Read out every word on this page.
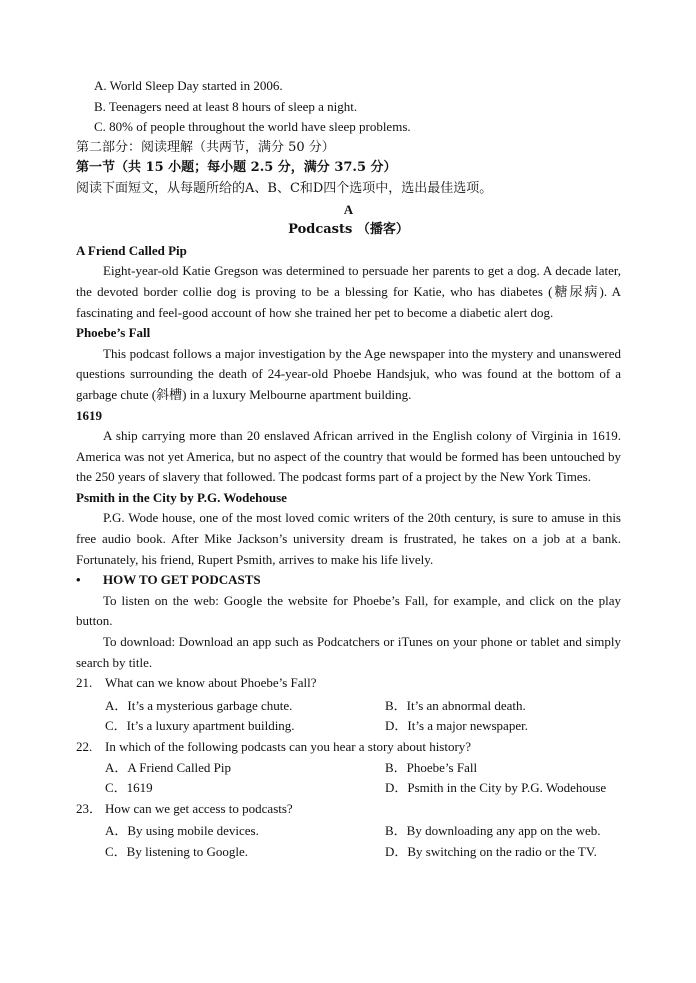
A. World Sleep Day started in 2006.
B. Teenagers need at least 8 hours of sleep a night.
C. 80% of people throughout the world have sleep problems.
第二部分：阅读理解（共两节，满分 50 分）
第一节（共 15 小题；每小题 2.5 分，满分 37.5 分）
阅读下面短文，从每题所给的A、B、C和D四个选项中，选出最佳选项。
A
Podcasts （播客）
A Friend Called Pip
Eight-year-old Katie Gregson was determined to persuade her parents to get a dog. A decade later, the devoted border collie dog is proving to be a blessing for Katie, who has diabetes (糖尿病). A fascinating and feel-good account of how she trained her pet to become a diabetic alert dog.
Phoebe’s Fall
This podcast follows a major investigation by the Age newspaper into the mystery and unanswered questions surrounding the death of 24-year-old Phoebe Handsjuk, who was found at the bottom of a garbage chute (斜槽) in a luxury Melbourne apartment building.
1619
A ship carrying more than 20 enslaved African arrived in the English colony of Virginia in 1619. America was not yet America, but no aspect of the country that would be formed has been untouched by the 250 years of slavery that followed. The podcast forms part of a project by the New York Times.
Psmith in the City by P.G. Wodehouse
P.G. Wode house, one of the most loved comic writers of the 20th century, is sure to amuse in this free audio book. After Mike Jackson’s university dream is frustrated, he takes on a job at a bank. Fortunately, his friend, Rupert Psmith, arrives to make his life lively.
•	HOW TO GET PODCASTS
To listen on the web: Google the website for Phoebe’s Fall, for example, and click on the play button.
To download: Download an app such as Podcatchers or iTunes on your phone or tablet and simply search by title.
21. What can we know about Phoebe’s Fall?
A．It’s a mysterious garbage chute.	B．It’s an abnormal death.
C．It’s a luxury apartment building.	D．It’s a major newspaper.
22. In which of the following podcasts can you hear a story about history?
A．A Friend Called Pip	B．Phoebe’s Fall
C．1619	D．Psmith in the City by P.G. Wodehouse
23． How can we get access to podcasts?
A．By using mobile devices.	B．By downloading any app on the web.
C．By listening to Google.	D．By switching on the radio or the TV.
